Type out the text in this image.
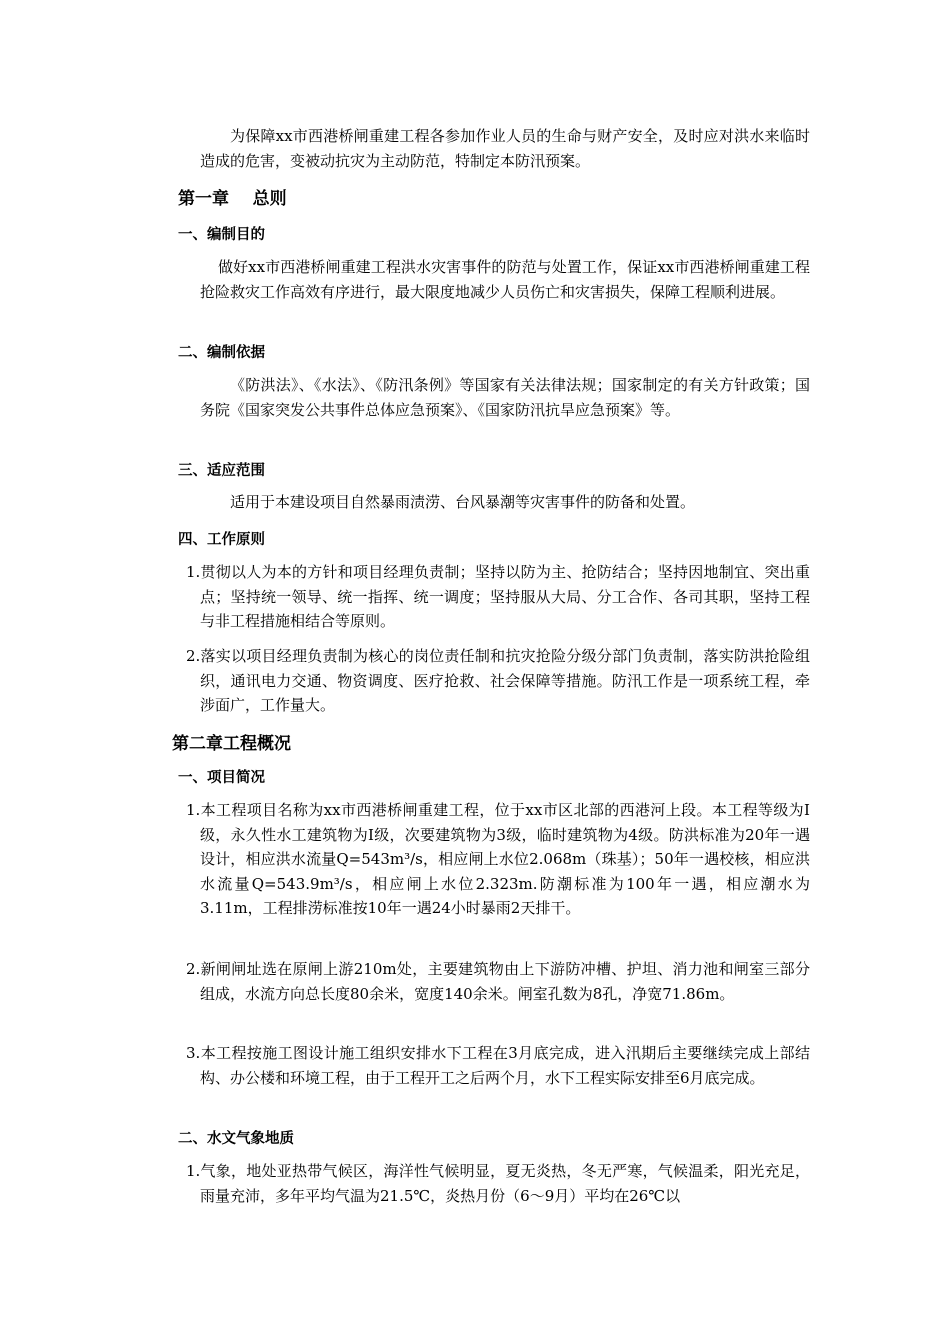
为保障xx市西港桥闸重建工程各参加作业人员的生命与财产安全，及时应对洪水来临时造成的危害，变被动抗灾为主动防范，特制定本防汛预案。

第一章    总则
一、编制目的

做好xx市西港桥闸重建工程洪水灾害事件的防范与处置工作，保证xx市西港桥闸重建工程抢险救灾工作高效有序进行，最大限度地减少人员伤亡和灾害损失，保障工程顺利进展。

二、编制依据

《防洪法》、《水法》、《防汛条例》等国家有关法律法规；国家制定的有关方针政策；国务院《国家突发公共事件总体应急预案》、《国家防汛抗旱应急预案》等。

三、适应范围

适用于本建设项目自然暴雨渍涝、台风暴潮等灾害事件的防备和处置。

四、工作原则

1.贯彻以人为本的方针和项目经理负责制；坚持以防为主、抢防结合；坚持因地制宜、突出重点；坚持统一领导、统一指挥、统一调度；坚持服从大局、分工合作、各司其职，坚持工程与非工程措施相结合等原则。

2.落实以项目经理负责制为核心的岗位责任制和抗灾抢险分级分部门负责制，落实防洪抢险组织，通讯电力交通、物资调度、医疗抢救、社会保障等措施。防汛工作是一项系统工程，牵涉面广，工作量大。

第二章工程概况
一、项目简况

1.本工程项目名称为xx市西港桥闸重建工程，位于xx市区北部的西港河上段。本工程等级为Ⅰ级，永久性水工建筑物为Ⅰ级，次要建筑物为3级，临时建筑物为4级。防洪标准为20年一遇设计，相应洪水流量Q=543m³/s，相应闸上水位2.068m（珠基）；50年一遇校核，相应洪水流量Q=543.9m³/s，相应闸上水位2.323m.防潮标准为100年一遇，相应潮水为3.11m，工程排涝标准按10年一遇24小时暴雨2天排干。

2.新闸闸址选在原闸上游210m处，主要建筑物由上下游防冲槽、护坦、消力池和闸室三部分组成，水流方向总长度80余米，宽度140余米。闸室孔数为8孔，净宽71.86m。

3.本工程按施工图设计施工组织安排水下工程在3月底完成，进入汛期后主要继续完成上部结构、办公楼和环境工程，由于工程开工之后两个月，水下工程实际安排至6月底完成。

二、水文气象地质

1.气象，地处亚热带气候区，海洋性气候明显，夏无炎热，冬无严寒，气候温柔，阳光充足，雨量充沛，多年平均气温为21.5℃，炎热月份（6～9月）平均在26℃以
